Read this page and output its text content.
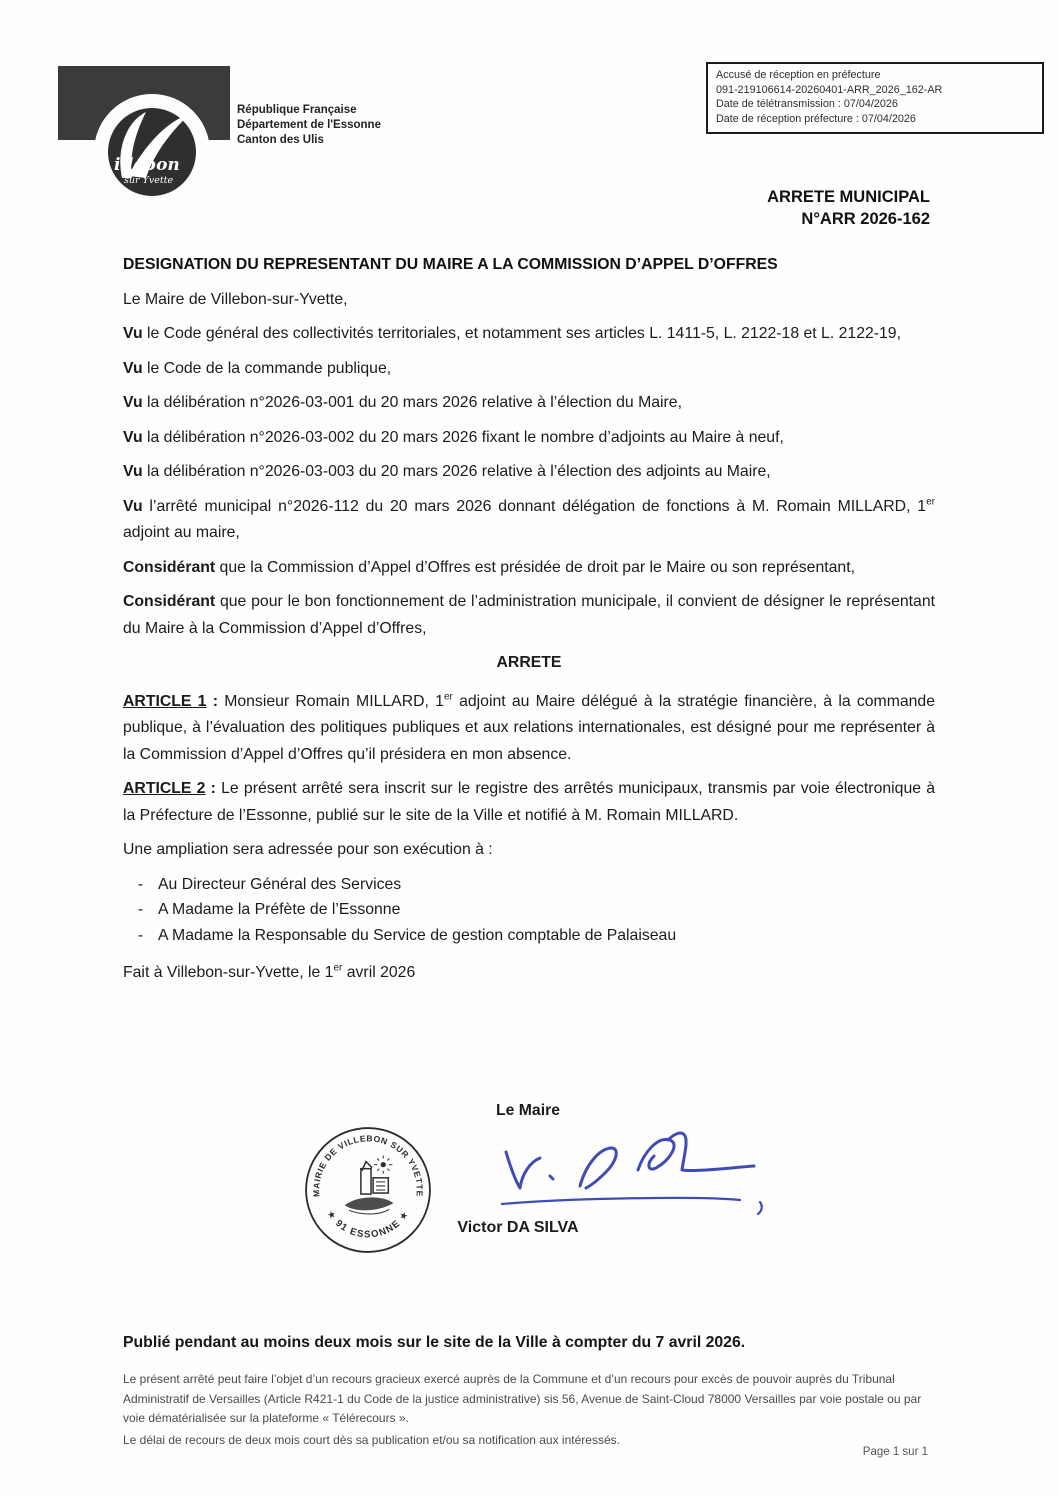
illebon
sur Yvette
République Française
Département de l'Essonne
Canton des Ulis
Accusé de réception en préfecture
091-219106614-20260401-ARR_2026_162-AR
Date de télétransmission : 07/04/2026
Date de réception préfecture : 07/04/2026
ARRETE MUNICIPAL
N°ARR 2026-162

DESIGNATION DU REPRESENTANT DU MAIRE A LA COMMISSION D’APPEL D’OFFRES

Le Maire de Villebon-sur-Yvette,

Vu le Code général des collectivités territoriales, et notamment ses articles L. 1411-5, L. 2122-18 et L. 2122-19,

Vu le Code de la commande publique,

Vu la délibération n°2026-03-001 du 20 mars 2026 relative à l’élection du Maire,

Vu la délibération n°2026-03-002 du 20 mars 2026 fixant le nombre d’adjoints au Maire à neuf,

Vu la délibération n°2026-03-003 du 20 mars 2026 relative à l’élection des adjoints au Maire,

Vu l’arrêté municipal n°2026-112 du 20 mars 2026 donnant délégation de fonctions à M. Romain MILLARD, 1er adjoint au maire,

Considérant que la Commission d’Appel d’Offres est présidée de droit par le Maire ou son représentant,

Considérant que pour le bon fonctionnement de l’administration municipale, il convient de désigner le représentant du Maire à la Commission d’Appel d’Offres,

ARRETE

ARTICLE 1 : Monsieur Romain MILLARD, 1er adjoint au Maire délégué à la stratégie financière, à la commande publique, à l’évaluation des politiques publiques et aux relations internationales, est désigné pour me représenter à la Commission d’Appel d’Offres qu’il présidera en mon absence.

ARTICLE 2 : Le présent arrêté sera inscrit sur le registre des arrêtés municipaux, transmis par voie électronique à la Préfecture de l’Essonne, publié sur le site de la Ville et notifié à M. Romain MILLARD.

Une ampliation sera adressée pour son exécution à :

- Au Directeur Général des Services
- A Madame la Préfète de l’Essonne
- A Madame la Responsable du Service de gestion comptable de Palaiseau

Fait à Villebon-sur-Yvette, le 1er avril 2026

Le Maire
MAIRIE DE VILLEBON SUR YVETTE
★ 91 ESSONNE ★
Victor DA SILVA
Publié pendant au moins deux mois sur le site de la Ville à compter du 7 avril 2026.

Le présent arrêté peut faire l’objet d’un recours gracieux exercé auprès de la Commune et d’un recours pour excès de pouvoir auprès du Tribunal Administratif de Versailles (Article R421-1 du Code de la justice administrative) sis 56, Avenue de Saint-Cloud 78000 Versailles par voie postale ou par voie dématérialisée sur la plateforme « Télérecours ».

Le délai de recours de deux mois court dès sa publication et/ou sa notification aux intéressés.

Page 1 sur 1
